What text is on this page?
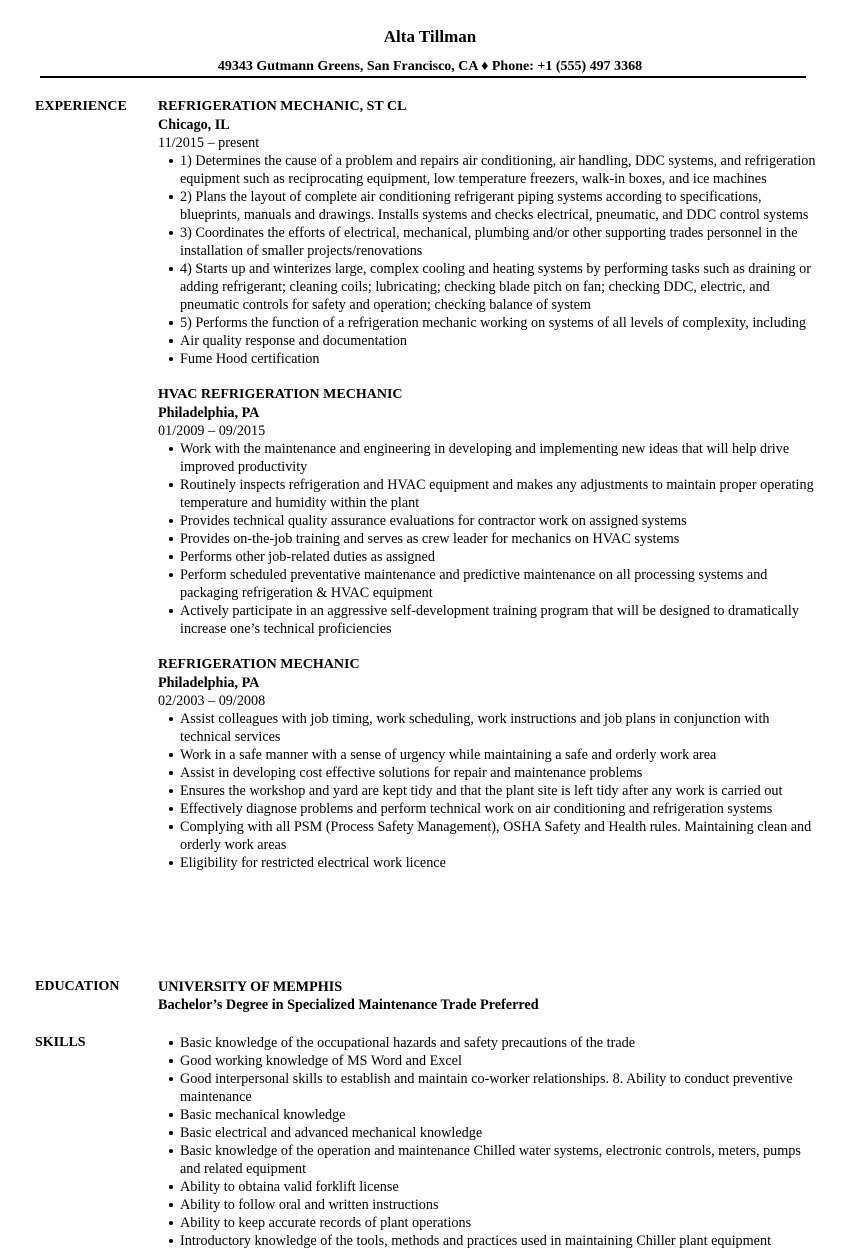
Alta Tillman
49343 Gutmann Greens, San Francisco, CA ♦ Phone: +1 (555) 497 3368
EXPERIENCE REFRIGERATION MECHANIC, ST CL
Chicago, IL
11/2015 – present
1) Determines the cause of a problem and repairs air conditioning, air handling, DDC systems, and refrigeration equipment such as reciprocating equipment, low temperature freezers, walk-in boxes, and ice machines
2) Plans the layout of complete air conditioning refrigerant piping systems according to specifications, blueprints, manuals and drawings. Installs systems and checks electrical, pneumatic, and DDC control systems
3) Coordinates the efforts of electrical, mechanical, plumbing and/or other supporting trades personnel in the installation of smaller projects/renovations
4) Starts up and winterizes large, complex cooling and heating systems by performing tasks such as draining or adding refrigerant; cleaning coils; lubricating; checking blade pitch on fan; checking DDC, electric, and pneumatic controls for safety and operation; checking balance of system
5) Performs the function of a refrigeration mechanic working on systems of all levels of complexity, including
Air quality response and documentation
Fume Hood certification
HVAC REFRIGERATION MECHANIC
Philadelphia, PA
01/2009 – 09/2015
Work with the maintenance and engineering in developing and implementing new ideas that will help drive improved productivity
Routinely inspects refrigeration and HVAC equipment and makes any adjustments to maintain proper operating temperature and humidity within the plant
Provides technical quality assurance evaluations for contractor work on assigned systems
Provides on-the-job training and serves as crew leader for mechanics on HVAC systems
Performs other job-related duties as assigned
Perform scheduled preventative maintenance and predictive maintenance on all processing systems and packaging refrigeration & HVAC equipment
Actively participate in an aggressive self-development training program that will be designed to dramatically increase one’s technical proficiencies
REFRIGERATION MECHANIC
Philadelphia, PA
02/2003 – 09/2008
Assist colleagues with job timing, work scheduling, work instructions and job plans in conjunction with technical services
Work in a safe manner with a sense of urgency while maintaining a safe and orderly work area
Assist in developing cost effective solutions for repair and maintenance problems
Ensures the workshop and yard are kept tidy and that the plant site is left tidy after any work is carried out
Effectively diagnose problems and perform technical work on air conditioning and refrigeration systems
Complying with all PSM (Process Safety Management), OSHA Safety and Health rules. Maintaining clean and orderly work areas
Eligibility for restricted electrical work licence
EDUCATION	UNIVERSITY OF MEMPHIS
Bachelor’s Degree in Specialized Maintenance Trade Preferred
SKILLS	Basic knowledge of the occupational hazards and safety precautions of the trade
Good working knowledge of MS Word and Excel
Good interpersonal skills to establish and maintain co-worker relationships. 8. Ability to conduct preventive maintenance
Basic mechanical knowledge
Basic electrical and advanced mechanical knowledge
Basic knowledge of the operation and maintenance Chilled water systems, electronic controls, meters, pumps and related equipment
Ability to obtaina valid forklift license
Ability to follow oral and written instructions
Ability to keep accurate records of plant operations
Introductory knowledge of the tools, methods and practices used in maintaining Chiller plant equipment
